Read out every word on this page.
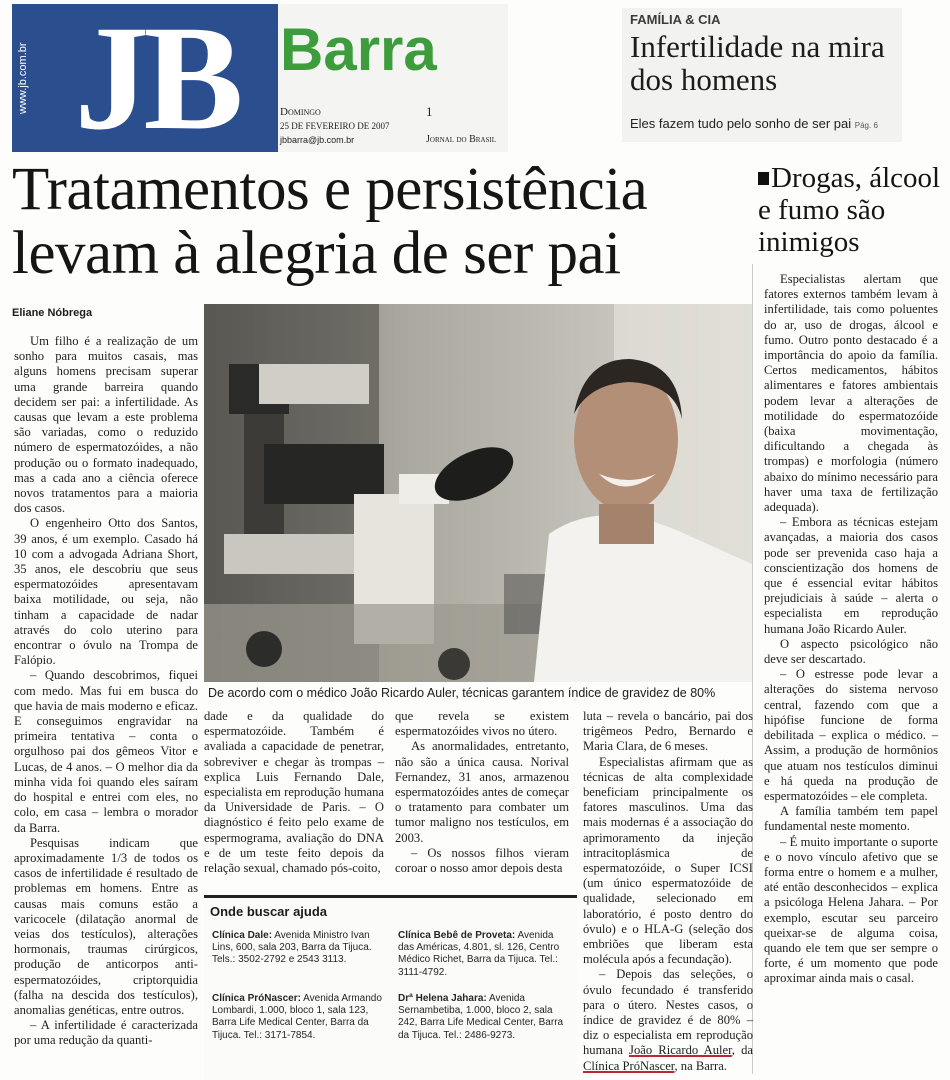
www.jb.com.br JB Barra
Domingo
25 DE FEVEREIRO DE 2007
jbbarra@jb.com.br
1
Jornal do Brasil
FAMÍLIA & CIA
Infertilidade na mira dos homens
Eles fazem tudo pelo sonho de ser pai Pág. 6
Tratamentos e persistência levam à alegria de ser pai
Drogas, álcool e fumo são inimigos
Eliane Nóbrega
De acordo com o médico João Ricardo Auler, técnicas garantem índice de gravidez de 80%

Um filho é a realização de um sonho para muitos casais, mas alguns homens precisam superar uma grande barreira quando decidem ser pai: a infertilidade. As causas que levam a este problema são variadas, como o reduzido número de espermatozóides, a não produção ou o formato inadequado, mas a cada ano a ciência oferece novos tratamentos para a maioria dos casos.

O engenheiro Otto dos Santos, 39 anos, é um exemplo. Casado há 10 com a advogada Adriana Short, 35 anos, ele descobriu que seus espermatozóides apresentavam baixa motilidade, ou seja, não tinham a capacidade de nadar através do colo uterino para encontrar o óvulo na Trompa de Falópio.

– Quando descobrimos, fiquei com medo. Mas fui em busca do que havia de mais moderno e eficaz. E conseguimos engravidar na primeira tentativa – conta o orgulhoso pai dos gêmeos Vitor e Lucas, de 4 anos. – O melhor dia da minha vida foi quando eles saíram do hospital e entrei com eles, no colo, em casa – lembra o morador da Barra.

Pesquisas indicam que aproximadamente 1/3 de todos os casos de infertilidade é resultado de problemas em homens. Entre as causas mais comuns estão a varicocele (dilatação anormal de veias dos testículos), alterações hormonais, traumas cirúrgicos, produção de anticorpos anti-espermatozóides, criptorquidia (falha na descida dos testículos), anomalias genéticas, entre outros.

– A infertilidade é caracterizada por uma redução da quanti-

dade e da qualidade do espermatozóide. Também é avaliada a capacidade de penetrar, sobreviver e chegar às trompas – explica Luis Fernando Dale, especialista em reprodução humana da Universidade de Paris. – O diagnóstico é feito pelo exame de espermograma, avaliação do DNA e de um teste feito depois da relação sexual, chamado pós-coito,

que revela se existem espermatozóides vivos no útero.

As anormalidades, entretanto, não são a única causa. Norival Fernandez, 31 anos, armazenou espermatozóides antes de começar o tratamento para combater um tumor maligno nos testículos, em 2003.

– Os nossos filhos vieram coroar o nosso amor depois desta

luta – revela o bancário, pai dos trigêmeos Pedro, Bernardo e Maria Clara, de 6 meses.

Especialistas afirmam que as técnicas de alta complexidade beneficiam principalmente os fatores masculinos. Uma das mais modernas é a associação do aprimoramento da injeção intracitoplásmica de espermatozóide, o Super ICSI (um único espermatozóide de qualidade, selecionado em laboratório, é posto dentro do óvulo) e o HLA-G (seleção dos embriões que liberam esta molécula após a fecundação).

– Depois das seleções, o óvulo fecundado é transferido para o útero. Nestes casos, o índice de gravidez é de 80% – diz o especialista em reprodução humana João Ricardo Auler, da Clínica PróNascer, na Barra.

Especialistas alertam que fatores externos também levam à infertilidade, tais como poluentes do ar, uso de drogas, álcool e fumo. Outro ponto destacado é a importância do apoio da família. Certos medicamentos, hábitos alimentares e fatores ambientais podem levar a alterações de motilidade do espermatozóide (baixa movimentação, dificultando a chegada às trompas) e morfologia (número abaixo do mínimo necessário para haver uma taxa de fertilização adequada).

– Embora as técnicas estejam avançadas, a maioria dos casos pode ser prevenida caso haja a conscientização dos homens de que é essencial evitar hábitos prejudiciais à saúde – alerta o especialista em reprodução humana João Ricardo Auler.

O aspecto psicológico não deve ser descartado.

– O estresse pode levar a alterações do sistema nervoso central, fazendo com que a hipófise funcione de forma debilitada – explica o médico. – Assim, a produção de hormônios que atuam nos testículos diminui e há queda na produção de espermatozóides – ele completa.

A família também tem papel fundamental neste momento.

– É muito importante o suporte e o novo vínculo afetivo que se forma entre o homem e a mulher, até então desconhecidos – explica a psicóloga Helena Jahara. – Por exemplo, escutar seu parceiro queixar-se de alguma coisa, quando ele tem que ser sempre o forte, é um momento que pode aproximar ainda mais o casal.

Onde buscar ajuda
Clínica Dale: Avenida Ministro Ivan Lins, 600, sala 203, Barra da Tijuca. Tels.: 3502-2792 e 2543 3113.
Clínica PróNascer: Avenida Armando Lombardi, 1.000, bloco 1, sala 123, Barra Life Medical Center, Barra da Tijuca. Tel.: 3171-7854.
Clínica Bebê de Proveta: Avenida das Américas, 4.801, sl. 126, Centro Médico Richet, Barra da Tijuca. Tel.: 3111-4792.
Drª Helena Jahara: Avenida Sernambetiba, 1.000, bloco 2, sala 242, Barra Life Medical Center, Barra da Tijuca. Tel.: 2486-9273.
